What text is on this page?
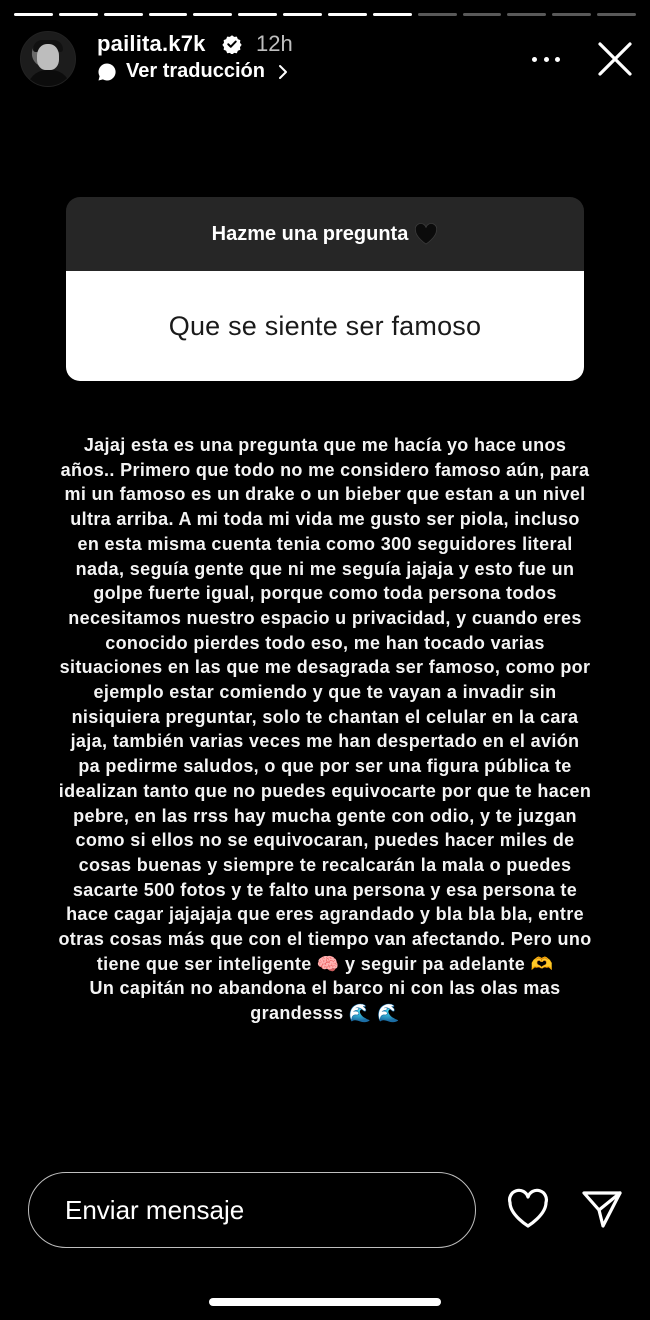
pailita.k7k 12h
Ver traducción
Hazme una pregunta
Que se siente ser famoso
Jajaj esta es una pregunta que me hacía yo hace unos
años.. Primero que todo no me considero famoso aún, para
mi un famoso es un drake o un bieber que estan a un nivel
ultra arriba. A mi toda mi vida me gusto ser piola, incluso
en esta misma cuenta tenia como 300 seguidores literal
nada, seguía gente que ni me seguía jajaja y esto fue un
golpe fuerte igual, porque como toda persona todos
necesitamos nuestro espacio u privacidad, y cuando eres
conocido pierdes todo eso, me han tocado varias
situaciones en las que me desagrada ser famoso, como por
ejemplo estar comiendo y que te vayan a invadir sin
nisiquiera preguntar, solo te chantan el celular en la cara
jaja, también varias veces me han despertado en el avión
pa pedirme saludos, o que por ser una figura pública te
idealizan tanto que no puedes equivocarte por que te hacen
pebre, en las rrss hay mucha gente con odio, y te juzgan
como si ellos no se equivocaran, puedes hacer miles de
cosas buenas y siempre te recalcarán la mala o puedes
sacarte 500 fotos y te falto una persona y esa persona te
hace cagar jajajaja que eres agrandado y bla bla bla, entre
otras cosas más que con el tiempo van afectando. Pero uno
tiene que ser inteligente 🧠 y seguir pa adelante 🫶
Un capitán no abandona el barco ni con las olas mas
grandesss 🌊 🌊
Enviar mensaje
